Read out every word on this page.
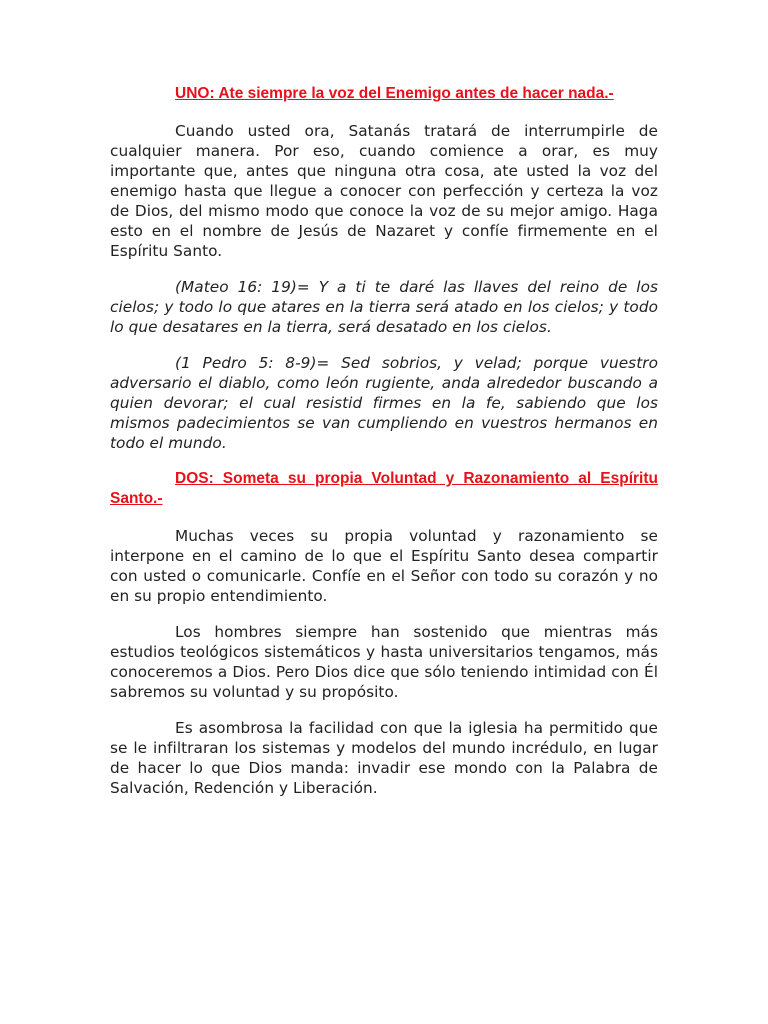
UNO: Ate siempre la voz del Enemigo antes de hacer nada.-

Cuando usted ora, Satanás tratará de interrumpirle de cualquier manera. Por eso, cuando comience a orar, es muy importante que, antes que ninguna otra cosa, ate usted la voz del enemigo hasta que llegue a conocer con perfección y certeza la voz de Dios, del mismo modo que conoce la voz de su mejor amigo. Haga esto en el nombre de Jesús de Nazaret y confíe firmemente en el Espíritu Santo.

(Mateo 16: 19)= Y a ti te daré las llaves del reino de los cielos; y todo lo que atares en la tierra será atado en los cielos; y todo lo que desatares en la tierra, será desatado en los cielos.

(1 Pedro 5: 8-9)= Sed sobrios, y velad; porque vuestro adversario el diablo, como león rugiente, anda alrededor buscando a quien devorar; el cual resistid firmes en la fe, sabiendo que los mismos padecimientos se van cumpliendo en vuestros hermanos en todo el mundo.

DOS: Someta su propia Voluntad y Razonamiento al Espíritu Santo.-

Muchas veces su propia voluntad y razonamiento se interpone en el camino de lo que el Espíritu Santo desea compartir con usted o comunicarle. Confíe en el Señor con todo su corazón y no en su propio entendimiento.

Los hombres siempre han sostenido que mientras más estudios teológicos sistemáticos y hasta universitarios tengamos, más conoceremos a Dios. Pero Dios dice que sólo teniendo intimidad con Él sabremos su voluntad y su propósito.

Es asombrosa la facilidad con que la iglesia ha permitido que se le infiltraran los sistemas y modelos del mundo incrédulo, en lugar de hacer lo que Dios manda: invadir ese mondo con la Palabra de Salvación, Redención y Liberación.
